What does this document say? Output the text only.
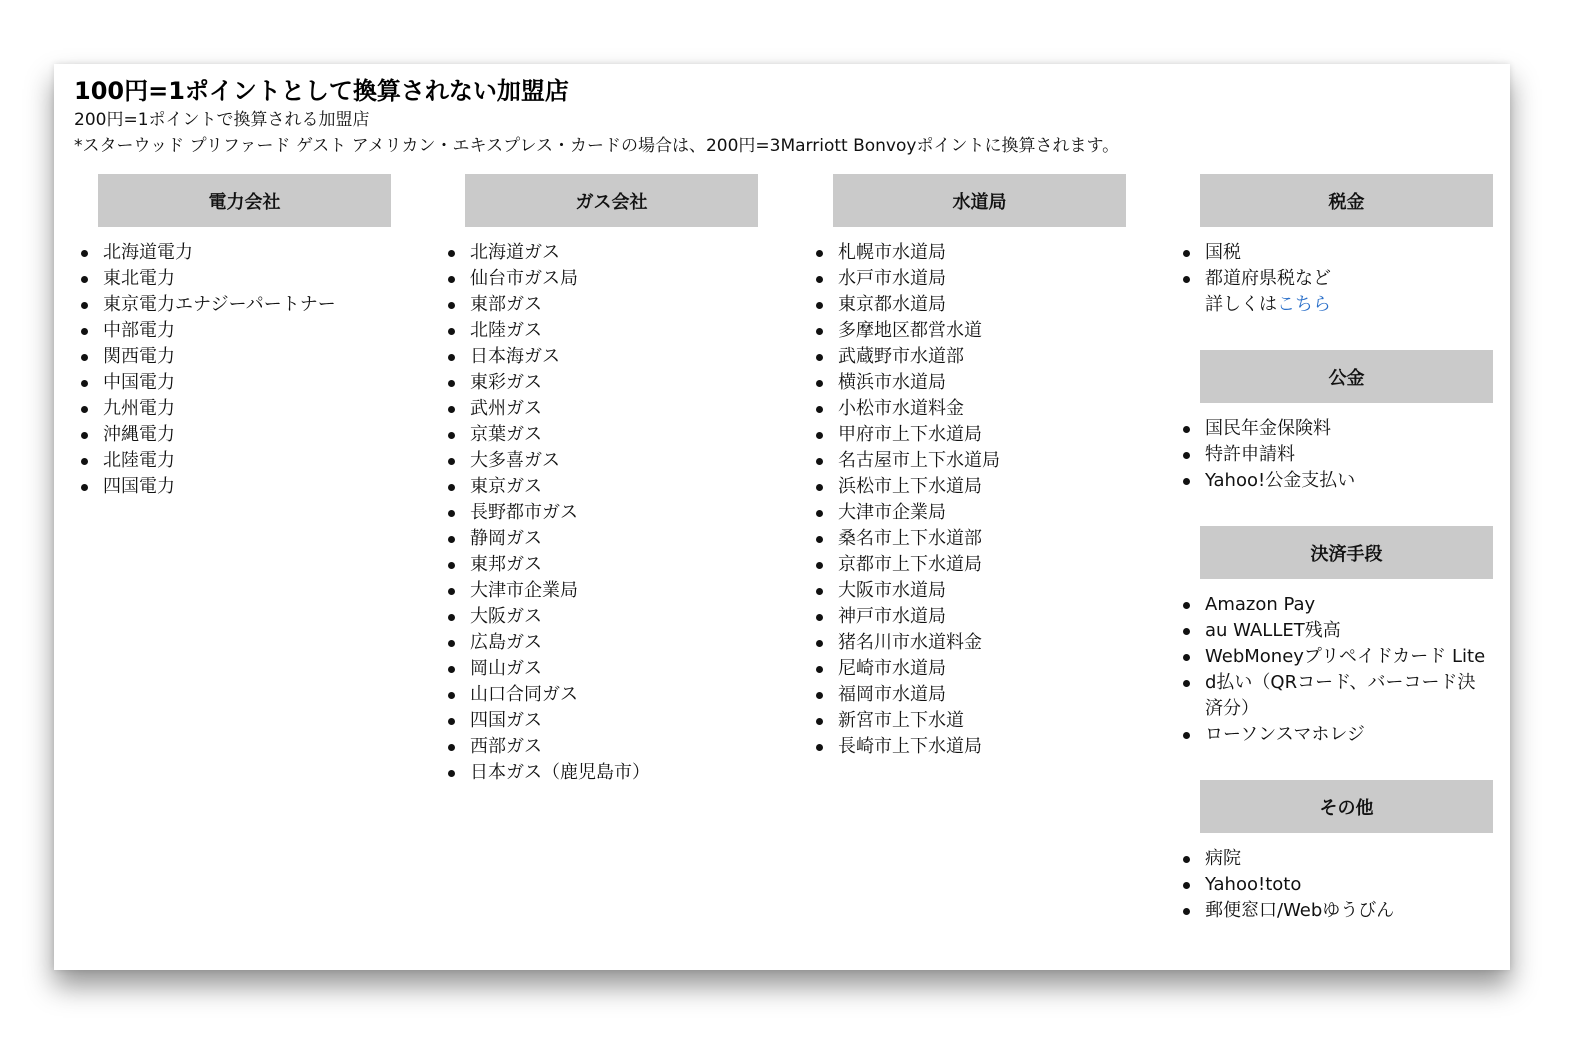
100円=1ポイントとして換算されない加盟店

200円=1ポイントで換算される加盟店

*スターウッド プリファード ゲスト アメリカン・エキスプレス・カードの場合は、200円=3Marriott Bonvoyポイントに換算されます。

電力会社
北海道電力
東北電力
東京電力エナジーパートナー
中部電力
関西電力
中国電力
九州電力
沖縄電力
北陸電力
四国電力
ガス会社
北海道ガス
仙台市ガス局
東部ガス
北陸ガス
日本海ガス
東彩ガス
武州ガス
京葉ガス
大多喜ガス
東京ガス
長野都市ガス
静岡ガス
東邦ガス
大津市企業局
大阪ガス
広島ガス
岡山ガス
山口合同ガス
四国ガス
西部ガス
日本ガス（鹿児島市）
水道局
札幌市水道局
水戸市水道局
東京都水道局
多摩地区都営水道
武蔵野市水道部
横浜市水道局
小松市水道料金
甲府市上下水道局
名古屋市上下水道局
浜松市上下水道局
大津市企業局
桑名市上下水道部
京都市上下水道局
大阪市水道局
神戸市水道局
猪名川市水道料金
尼崎市水道局
福岡市水道局
新宮市上下水道
長崎市上下水道局
税金
国税
都道府県税など
詳しくはこちら
公金
国民年金保険料
特許申請料
Yahoo!公金支払い
決済手段
Amazon Pay
au WALLET残高
WebMoneyプリペイドカード Lite
d払い（QRコード、バーコード決済分）
ローソンスマホレジ
その他
病院
Yahoo!toto
郵便窓口/Webゆうびん
